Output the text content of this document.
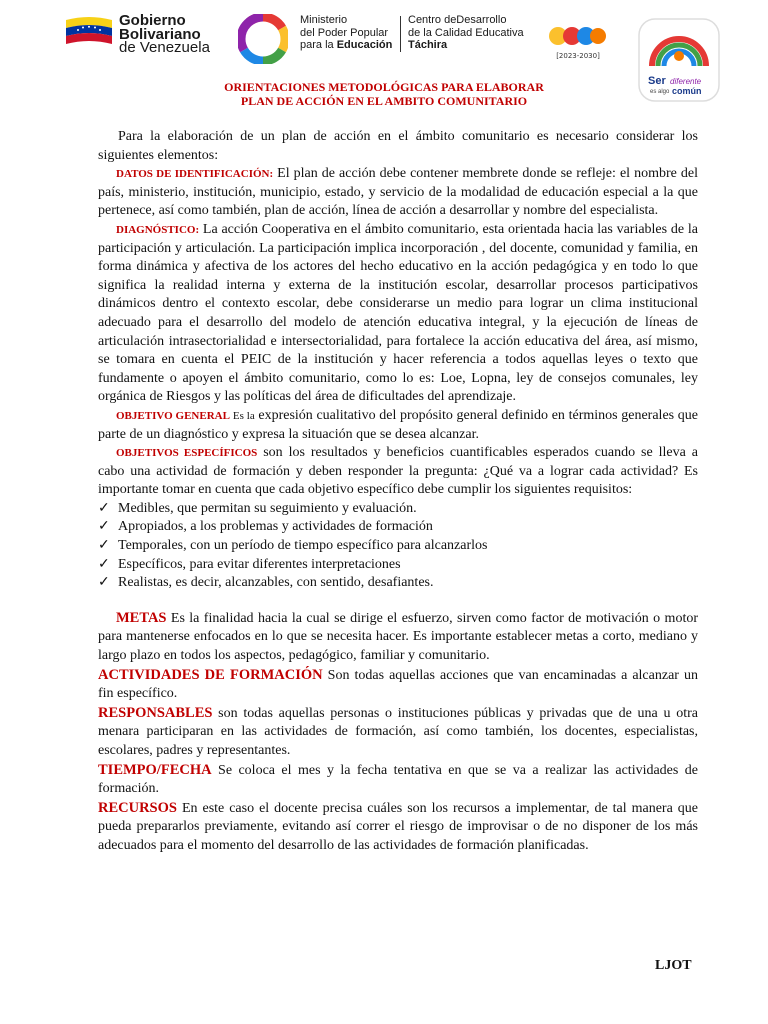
Gobierno
Bolivariano
de Venezuela
Ministerio
del Poder Popular
para la Educación
Centro deDesarrollo
de la Calidad Educativa
Táchira
[2023-2030]
Ser diferente
es algo común
ORIENTACIONES METODOLÓGICAS PARA ELABORAR
PLAN DE ACCIÓN EN EL AMBITO COMUNITARIO

Para la elaboración de un plan de acción en el ámbito comunitario es necesario considerar los siguientes elementos:

DATOS DE IDENTIFICACIÓN: El plan de acción debe contener membrete donde se refleje: el nombre del país, ministerio, institución, municipio, estado, y servicio de la modalidad de educación especial a la que pertenece, así como también, plan de acción, línea de acción a desarrollar y nombre del especialista.

DIAGNÓSTICO: La acción Cooperativa en el ámbito comunitario, esta orientada hacia las variables de la participación y articulación. La participación implica incorporación , del docente, comunidad y familia, en forma dinámica y afectiva de los actores del hecho educativo en la acción pedagógica y en todo lo que significa la realidad interna y externa de la institución escolar, desarrollar procesos participativos dinámicos dentro el contexto escolar, debe considerarse un medio para lograr un clima institucional adecuado para el desarrollo del modelo de atención educativa integral, y la ejecución de líneas de articulación intrasectorialidad e intersectorialidad, para fortalece la acción educativa del área, así mismo, se tomara en cuenta el PEIC de la institución y hacer referencia a todos aquellas leyes o texto que fundamente o apoyen el ámbito comunitario, como lo es: Loe, Lopna, ley de consejos comunales, ley orgánica de Riesgos y las políticas del área de dificultades del aprendizaje.

OBJETIVO GENERAL Es la expresión cualitativo del propósito general definido en términos generales que parte de un diagnóstico y expresa la situación que se desea alcanzar.

OBJETIVOS ESPECÍFICOS son los resultados y beneficios cuantificables esperados cuando se lleva a cabo una actividad de formación y deben responder la pregunta: ¿Qué va a lograr cada actividad? Es importante tomar en cuenta que cada objetivo específico debe cumplir los siguientes requisitos:

✓ Medibles, que permitan su seguimiento y evaluación.
✓ Apropiados, a los problemas y actividades de formación
✓ Temporales, con un período de tiempo específico para alcanzarlos
✓ Específicos, para evitar diferentes interpretaciones
✓ Realistas, es decir, alcanzables, con sentido, desafiantes.

METAS Es la finalidad hacia la cual se dirige el esfuerzo, sirven como factor de motivación o motor para mantenerse enfocados en lo que se necesita hacer. Es importante establecer metas a corto, mediano y largo plazo en todos los aspectos, pedagógico, familiar y comunitario.

ACTIVIDADES DE FORMACIÓN Son todas aquellas acciones que van encaminadas a alcanzar un fin específico.

RESPONSABLES son todas aquellas personas o instituciones públicas y privadas que de una u otra menara participaran en las actividades de formación, así como también, los docentes, especialistas, escolares, padres y representantes.

TIEMPO/FECHA Se coloca el mes y la fecha tentativa en que se va a realizar las actividades de formación.

RECURSOS En este caso el docente precisa cuáles son los recursos a implementar, de tal manera que pueda prepararlos previamente, evitando así correr el riesgo de improvisar o de no disponer de los más adecuados para el momento del desarrollo de las actividades de formación planificadas.

LJOT
